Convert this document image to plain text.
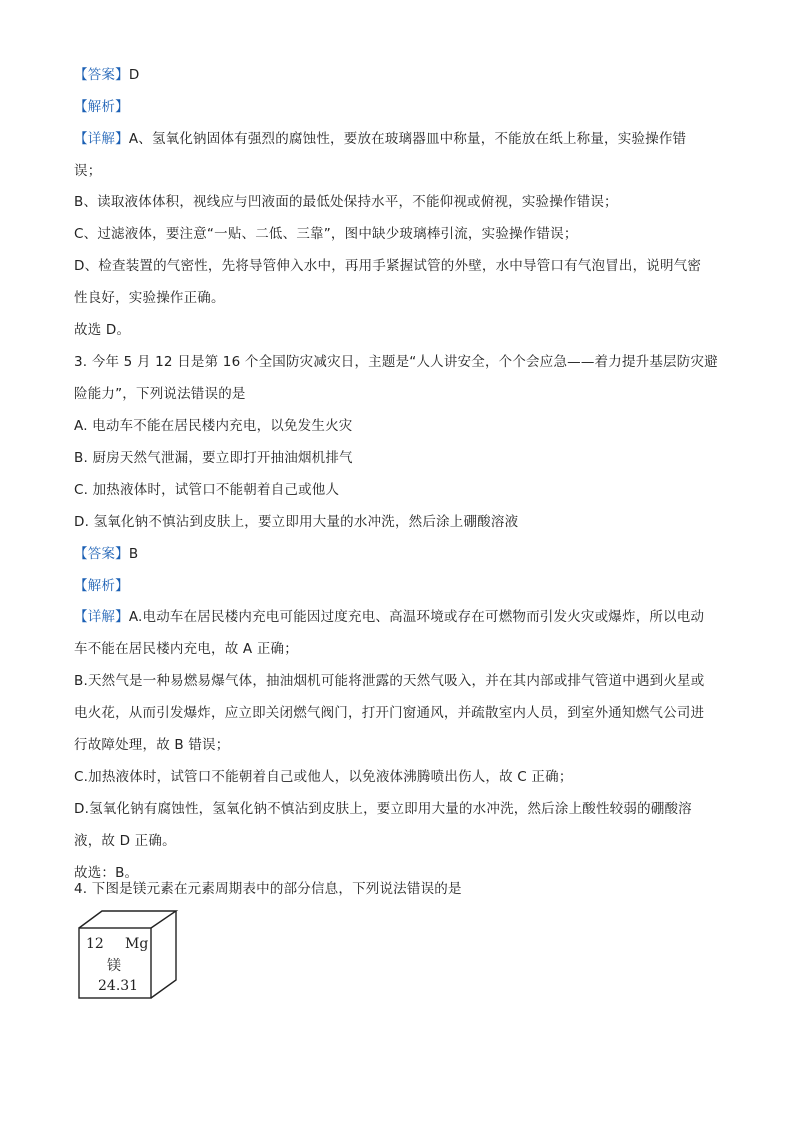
【答案】D
【解析】
【详解】A、氢氧化钠固体有强烈的腐蚀性，要放在玻璃器皿中称量，不能放在纸上称量，实验操作错
误；
B、读取液体体积，视线应与凹液面的最低处保持水平，不能仰视或俯视，实验操作错误；
C、过滤液体，要注意“一贴、二低、三靠”，图中缺少玻璃棒引流，实验操作错误；
D、检查装置的气密性，先将导管伸入水中，再用手紧握试管的外壁，水中导管口有气泡冒出，说明气密
性良好，实验操作正确。
故选 D。
3. 今年 5 月 12 日是第 16 个全国防灾减灾日，主题是“人人讲安全，个个会应急——着力提升基层防灾避
险能力”，下列说法错误的是
A. 电动车不能在居民楼内充电，以免发生火灾
B. 厨房天然气泄漏，要立即打开抽油烟机排气
C. 加热液体时，试管口不能朝着自己或他人
D. 氢氧化钠不慎沾到皮肤上，要立即用大量的水冲洗，然后涂上硼酸溶液
【答案】B
【解析】
【详解】A.电动车在居民楼内充电可能因过度充电、高温环境或存在可燃物而引发火灾或爆炸，所以电动
车不能在居民楼内充电，故 A 正确；
B.天然气是一种易燃易爆气体，抽油烟机可能将泄露的天然气吸入，并在其内部或排气管道中遇到火星或
电火花，从而引发爆炸，应立即关闭燃气阀门，打开门窗通风，并疏散室内人员，到室外通知燃气公司进
行故障处理，故 B 错误；
C.加热液体时，试管口不能朝着自己或他人，以免液体沸腾喷出伤人，故 C 正确；
D.氢氧化钠有腐蚀性，氢氧化钠不慎沾到皮肤上，要立即用大量的水冲洗，然后涂上酸性较弱的硼酸溶
液，故 D 正确。
故选：B。
4. 下图是镁元素在元素周期表中的部分信息，下列说法错误的是
12 Mg
镁
24.31
